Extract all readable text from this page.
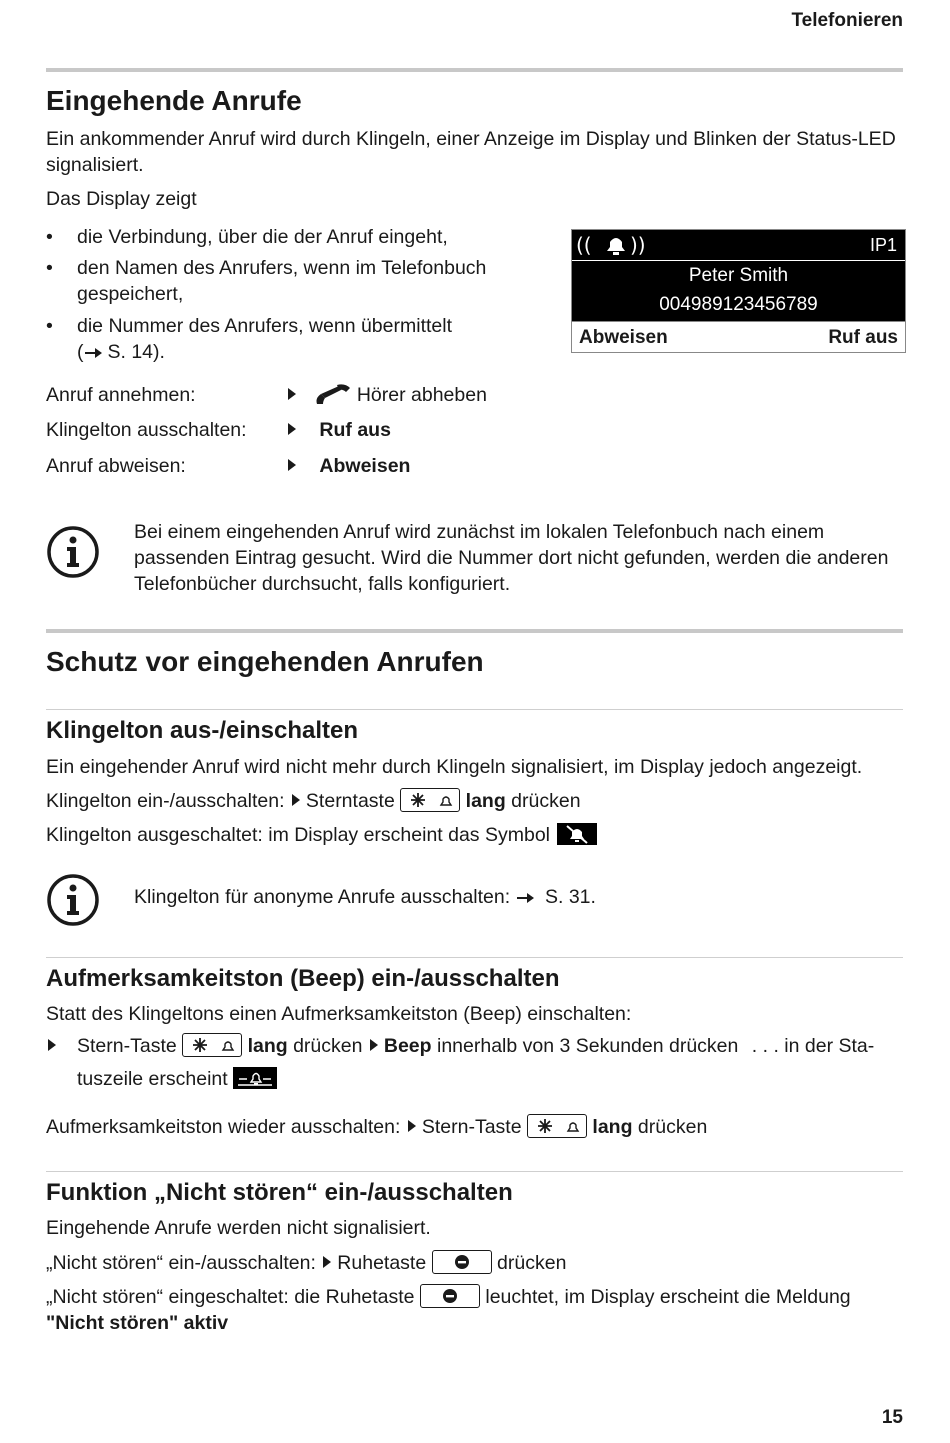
Telefonieren
Eingehende Anrufe
Ein ankommender Anruf wird durch Klingeln, einer Anzeige im Display und Blinken der Status-LED signalisiert.
Das Display zeigt
•	die Verbindung, über die der Anruf eingeht,
•	den Namen des Anrufers, wenn im Telefonbuch gespeichert,
•	die Nummer des Anrufers, wenn übermittelt
( S. 14).
(( ))	IP1
Peter Smith
004989123456789
Abweisen	Ruf aus
Anruf annehmen:	Hörer abheben
Klingelton ausschalten:	Ruf aus
Anruf abweisen:	Abweisen
Bei einem eingehenden Anruf wird zunächst im lokalen Telefonbuch nach einem passenden Eintrag gesucht. Wird die Nummer dort nicht gefunden, werden die anderen Telefonbücher durchsucht, falls konfiguriert.
Schutz vor eingehenden Anrufen
Klingelton aus-/einschalten
Ein eingehender Anruf wird nicht mehr durch Klingeln signalisiert, im Display jedoch angezeigt.
Klingelton ein-/ausschalten: Sterntaste	lang drücken
Klingelton ausgeschaltet: im Display erscheint das Symbol
Klingelton für anonyme Anrufe ausschalten: S. 31.
Aufmerksamkeitston (Beep) ein-/ausschalten
Statt des Klingeltons einen Aufmerksamkeitston (Beep) einschalten:
Stern-Taste	lang drücken Beep innerhalb von 3 Sekunden drücken . . . in der Sta-
tuszeile erscheint
Aufmerksamkeitston wieder ausschalten: Stern-Taste	lang drücken
Funktion „Nicht stören“ ein-/ausschalten
Eingehende Anrufe werden nicht signalisiert.
„Nicht stören“ ein-/ausschalten: Ruhetaste	drücken
„Nicht stören“ eingeschaltet: die Ruhetaste	leuchtet, im Display erscheint die Meldung
"Nicht stören" aktiv
15
